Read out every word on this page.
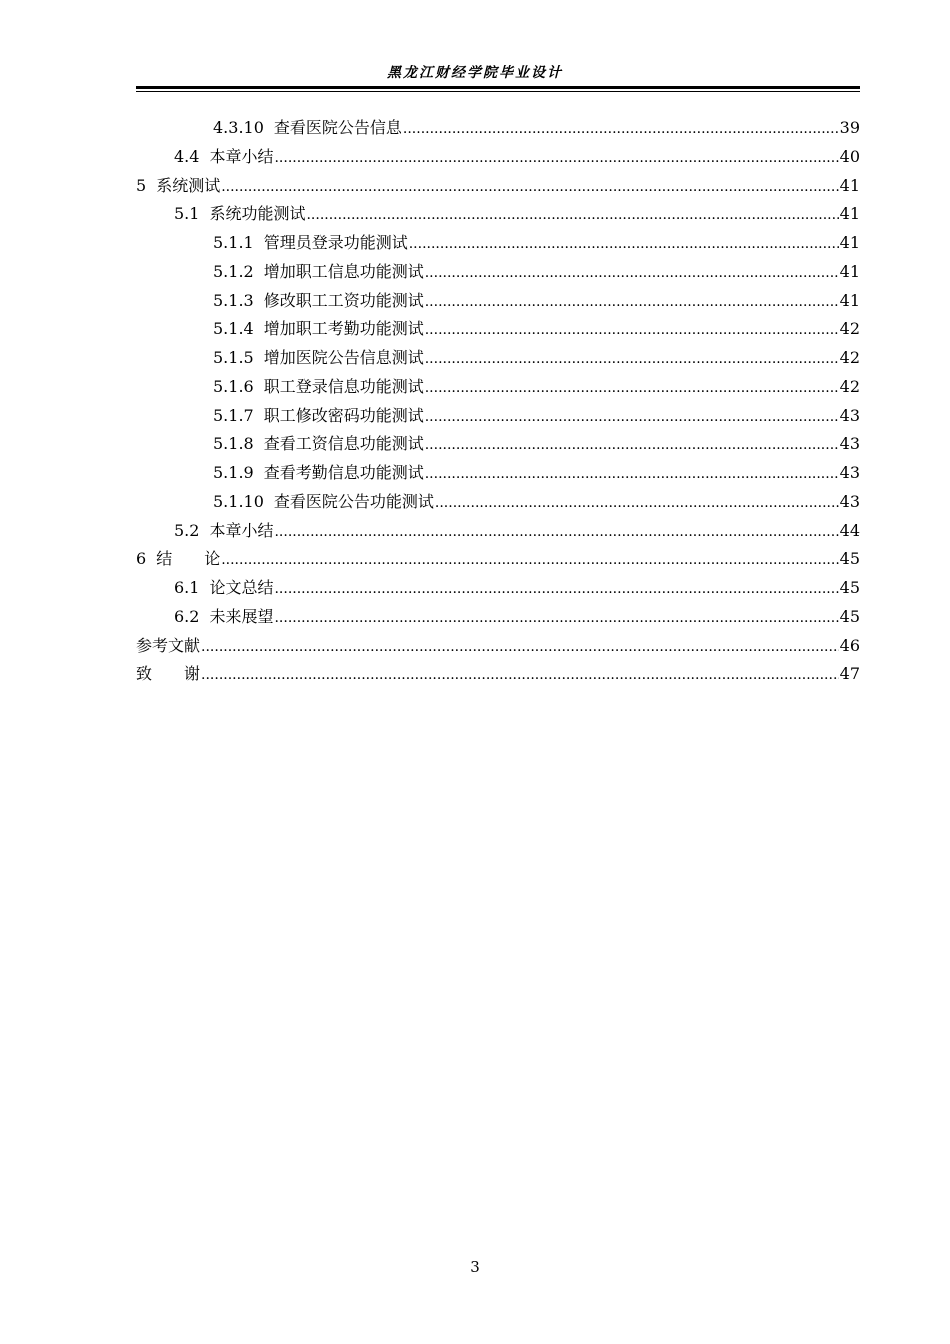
黑龙江财经学院毕业设计
4.3.10 查看医院公告信息 .....	39
4.4 本章小结 .....	40
5 系统测试 .....	41
5.1 系统功能测试 .....	41
5.1.1 管理员登录功能测试 .....	41
5.1.2 增加职工信息功能测试 .....	41
5.1.3 修改职工工资功能测试 .....	41
5.1.4 增加职工考勤功能测试 .....	42
5.1.5 增加医院公告信息测试 .....	42
5.1.6 职工登录信息功能测试 .....	42
5.1.7 职工修改密码功能测试 .....	43
5.1.8 查看工资信息功能测试 .....	43
5.1.9 查看考勤信息功能测试 .....	43
5.1.10 查看医院公告功能测试 .....	43
5.2 本章小结 .....	44
6 结　　论 .....	45
6.1 论文总结 .....	45
6.2 未来展望 .....	45
参考文献 .....	46
致　　谢 .....	47
3
